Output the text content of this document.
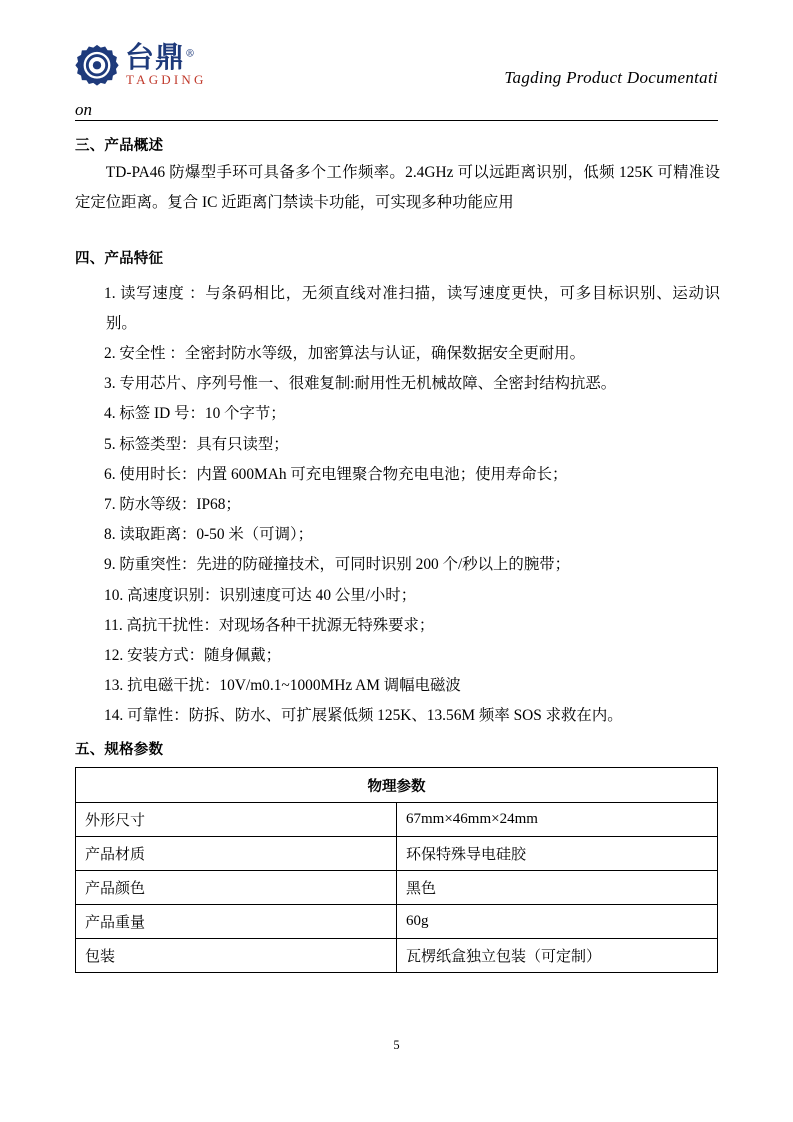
台鼎®
TAGDING	Tagding Product Documentati
on
三、产品概述

TD-PA46 防爆型手环可具备多个工作频率。2.4GHz 可以远距离识别，低频 125K 可精准设定定位距离。复合 IC 近距离门禁读卡功能，可实现多种功能应用

四、产品特征
1. 读写速度 ：与条码相比，无须直线对准扫描，读写速度更快，可多目标识别、运动识别。
2. 安全性 ：全密封防水等级，加密算法与认证，确保数据安全更耐用。
3. 专用芯片、序列号惟一、很难复制:耐用性无机械故障、全密封结构抗恶。
4. 标签 ID 号：10 个字节；
5. 标签类型：具有只读型；
6. 使用时长：内置 600MAh 可充电锂聚合物充电电池；使用寿命长；
7. 防水等级：IP68；
8. 读取距离：0-50 米（可调）；
9. 防重突性：先进的防碰撞技术，可同时识别 200 个/秒以上的腕带；
10. 高速度识别：识别速度可达 40 公里/小时；
11. 高抗干扰性：对现场各种干扰源无特殊要求；
12. 安装方式：随身佩戴；
13. 抗电磁干扰：10V/m0.1~1000MHz AM 调幅电磁波
14. 可靠性：防拆、防水、可扩展紧低频 125K、13.56M 频率 SOS 求救在内。
五、规格参数
物理参数	
外形尺寸	67mm×46mm×24mm
产品材质	环保特殊导电硅胶
产品颜色	黑色
产品重量	60g
包装	瓦楞纸盒独立包装（可定制）
5
